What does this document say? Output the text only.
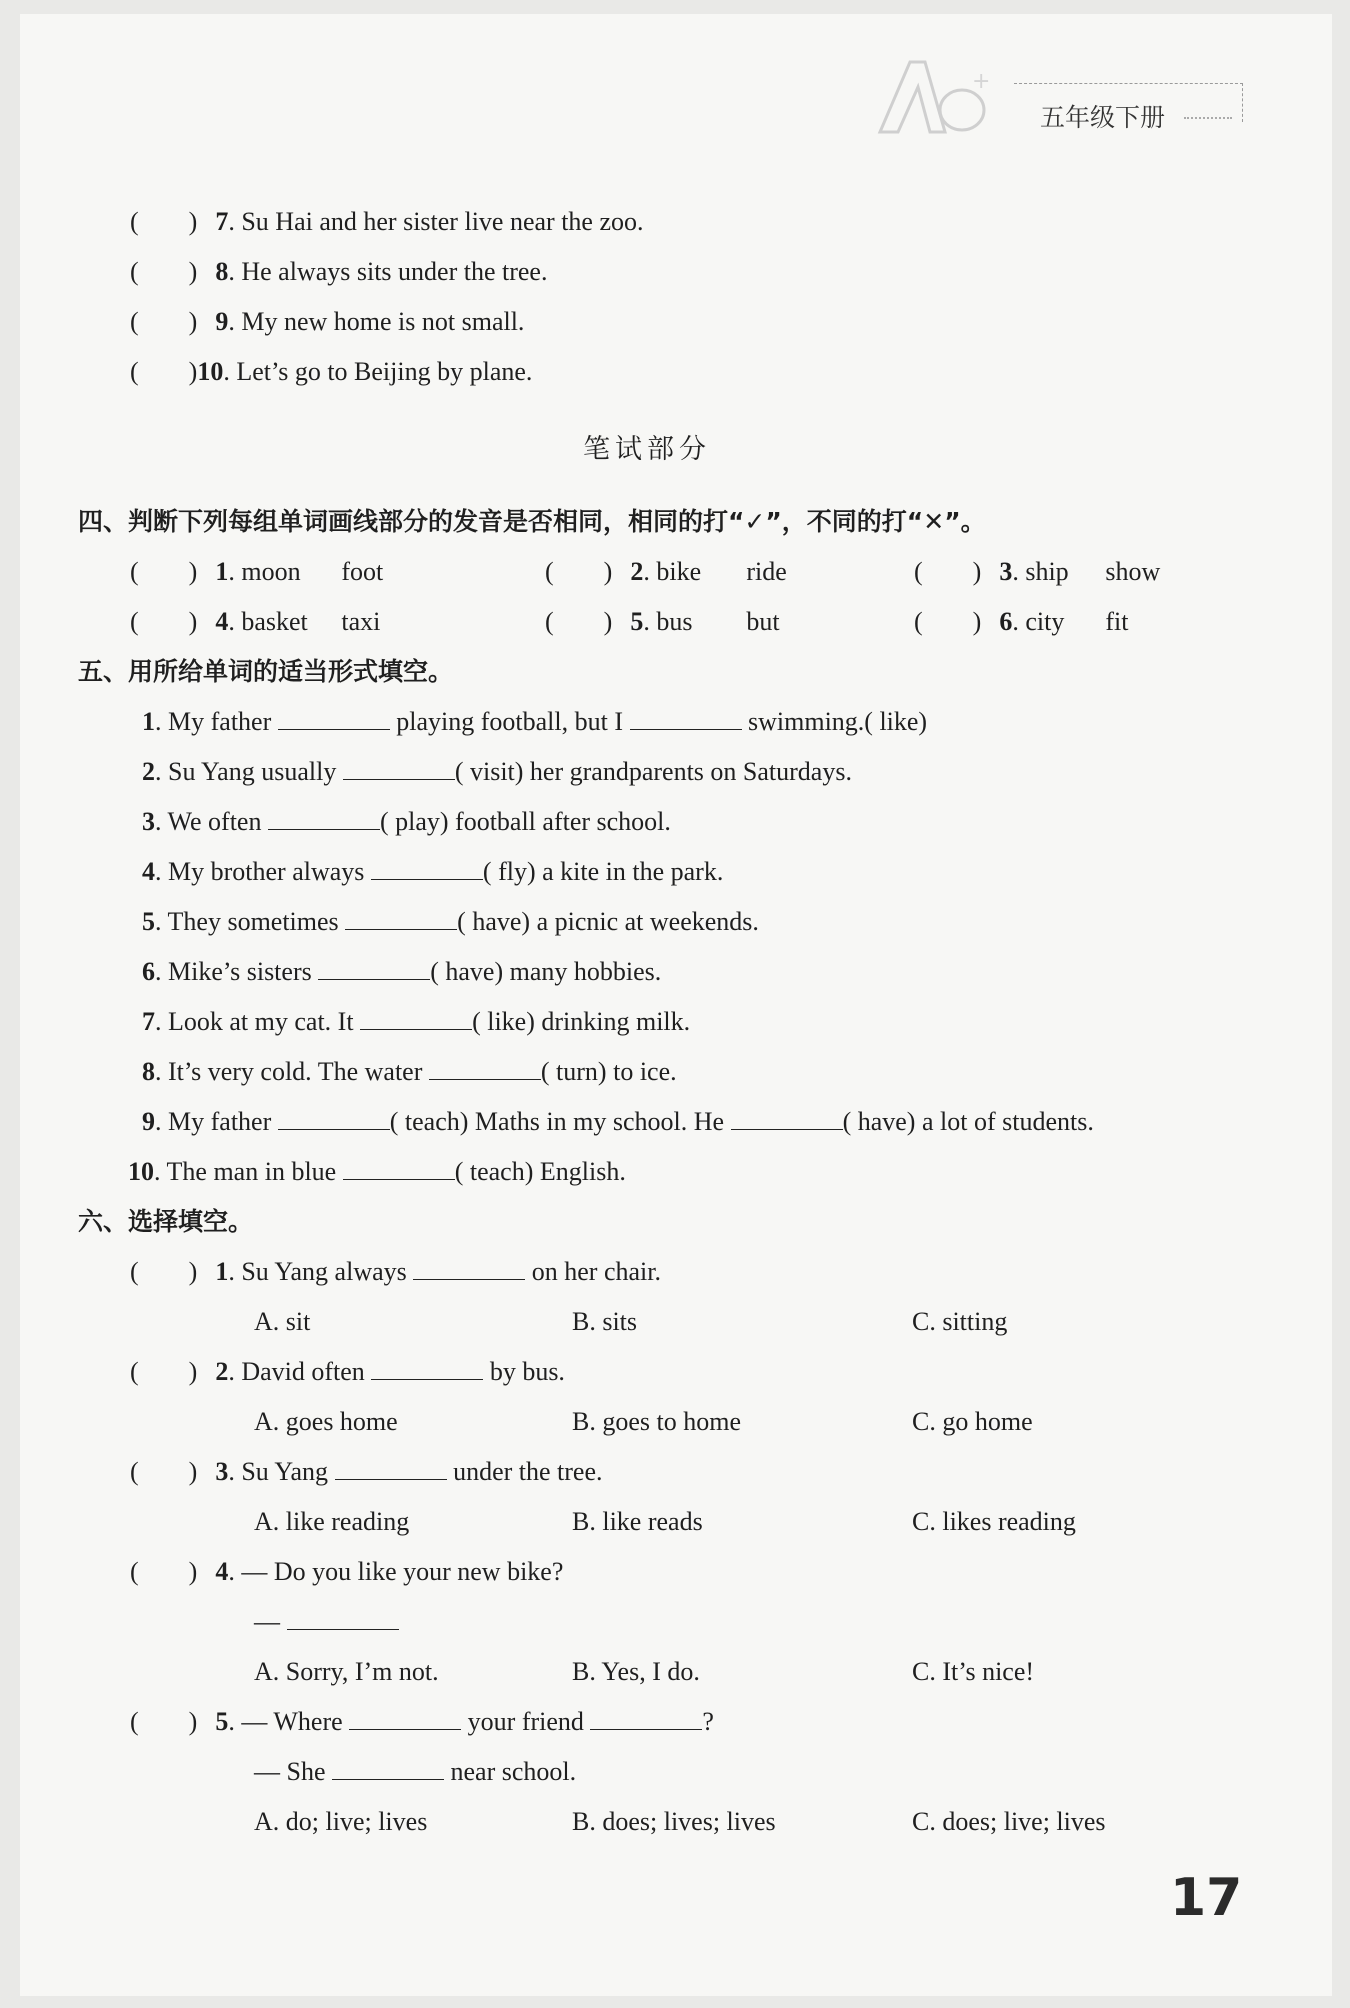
+
五年级下册
( ) 7. Su Hai and her sister live near the zoo.
( ) 8. He always sits under the tree.
( ) 9. My new home is not small.
( )10. Let’s go to Beijing by plane.
笔试部分
四、判断下列每组单词画线部分的发音是否相同，相同的打“✓”，不同的打“✕”。
( ) 1. moon foot	( ) 2. bike ride	( ) 3. ship show
( ) 4. basket taxi	( ) 5. bus but	( ) 6. city fit
五、用所给单词的适当形式填空。
1. My father	playing football, but I	swimming.( like)
2. Su Yang usually	( visit) her grandparents on Saturdays.
3. We often	( play) football after school.
4. My brother always	( fly) a kite in the park.
5. They sometimes	( have) a picnic at weekends.
6. Mike’s sisters	( have) many hobbies.
7. Look at my cat. It	( like) drinking milk.
8. It’s very cold. The water	( turn) to ice.
9. My father	( teach) Maths in my school. He	( have) a lot of students.
10. The man in blue	( teach) English.
六、选择填空。
( ) 1. Su Yang always	on her chair.
A. sit	B. sits	C. sitting
( ) 2. David often	by bus.
A. goes home	B. goes to home	C. go home
( ) 3. Su Yang	under the tree.
A. like reading	B. like reads	C. likes reading
( ) 4. — Do you like your new bike?
—
A. Sorry, I’m not.	B. Yes, I do.	C. It’s nice!
( ) 5. — Where	your friend	?
— She	near school.
A. do; live; lives	B. does; lives; lives	C. does; live; lives
17
